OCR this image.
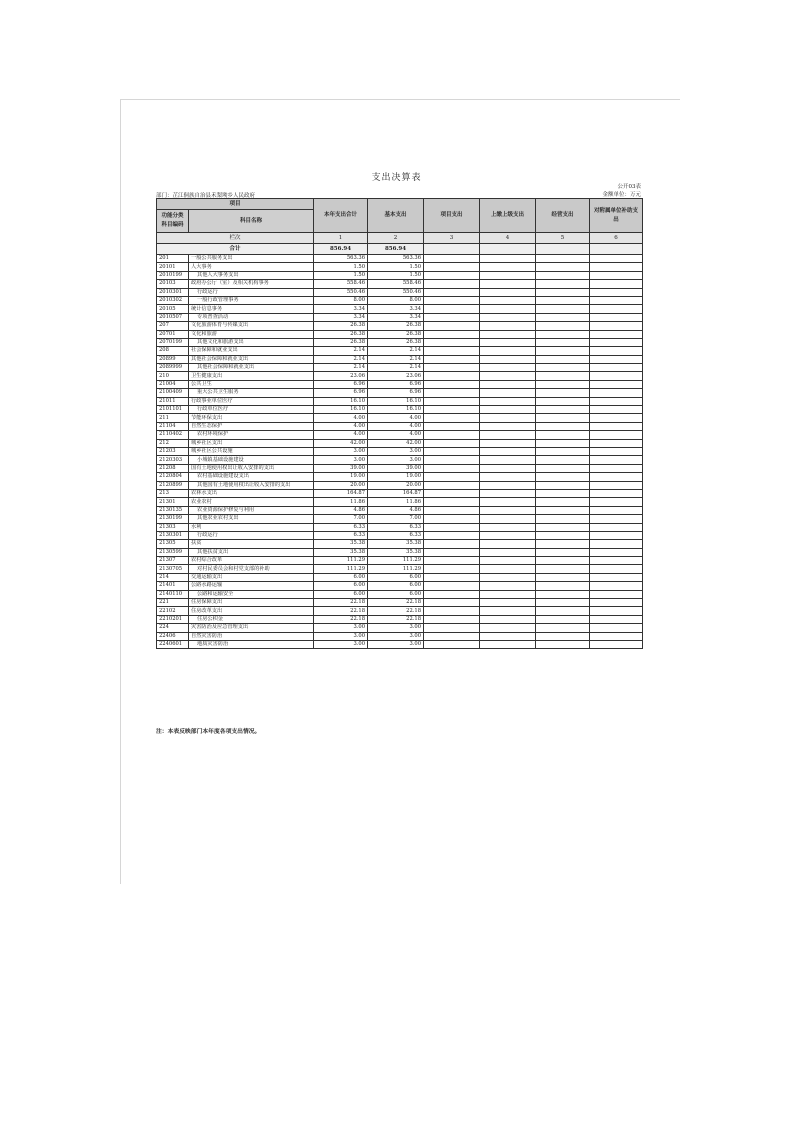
支出决算表
公开03表
金额单位：万元
部门：芷江侗族自治县禾梨坳乡人民政府
项目		本年支出合计	基本支出	项目支出	上缴上级支出	经营支出	对附属单位补助支出
功能分类科目编码	科目名称						
栏次		1	2	3	4	5	6
合计		856.94	856.94				
201	一般公共服务支出	563.36	563.36				
20101	人大事务	1.50	1.50				
2010199	其他人大事务支出	1.50	1.50				
20103	政府办公厅（室）及相关机构事务	558.46	558.46				
2010301	行政运行	550.46	550.46				
2010302	一般行政管理事务	8.00	8.00				
20105	统计信息事务	3.34	3.34				
2010507	专项普查活动	3.34	3.34				
207	文化旅游体育与传媒支出	26.38	26.38				
20701	文化和旅游	26.38	26.38				
2070199	其他文化和旅游支出	26.38	26.38				
208	社会保障和就业支出	2.14	2.14				
20899	其他社会保障和就业支出	2.14	2.14				
2089999	其他社会保障和就业支出	2.14	2.14				
210	卫生健康支出	23.06	23.06				
21004	公共卫生	6.96	6.96				
2100409	重大公共卫生服务	6.96	6.96				
21011	行政事业单位医疗	16.10	16.10				
2101101	行政单位医疗	16.10	16.10				
211	节能环保支出	4.00	4.00				
21104	自然生态保护	4.00	4.00				
2110402	农村环境保护	4.00	4.00				
212	城乡社区支出	42.00	42.00				
21203	城乡社区公共设施	3.00	3.00				
2120303	小城镇基础设施建设	3.00	3.00				
21208	国有土地使用权出让收入安排的支出	39.00	39.00				
2120804	农村基础设施建设支出	19.00	19.00				
2120899	其他国有土地使用权出让收入安排的支出	20.00	20.00				
213	农林水支出	164.87	164.87				
21301	农业农村	11.86	11.86				
2130135	农业资源保护修复与利用	4.86	4.86				
2130199	其他农业农村支出	7.00	7.00				
21303	水利	6.33	6.33				
2130301	行政运行	6.33	6.33				
21305	扶贫	35.38	35.38				
2130599	其他扶贫支出	35.38	35.38				
21307	农村综合改革	111.29	111.29				
2130705	对村民委员会和村党支部的补助	111.29	111.29				
214	交通运输支出	6.00	6.00				
21401	公路水路运输	6.00	6.00				
2140110	公路和运输安全	6.00	6.00				
221	住房保障支出	22.18	22.18				
22102	住房改革支出	22.18	22.18				
2210201	住房公积金	22.18	22.18				
224	灾害防治及应急管理支出	3.00	3.00				
22406	自然灾害防治	3.00	3.00				
2240601	地质灾害防治	3.00	3.00				
注：本表反映部门本年度各项支出情况。
